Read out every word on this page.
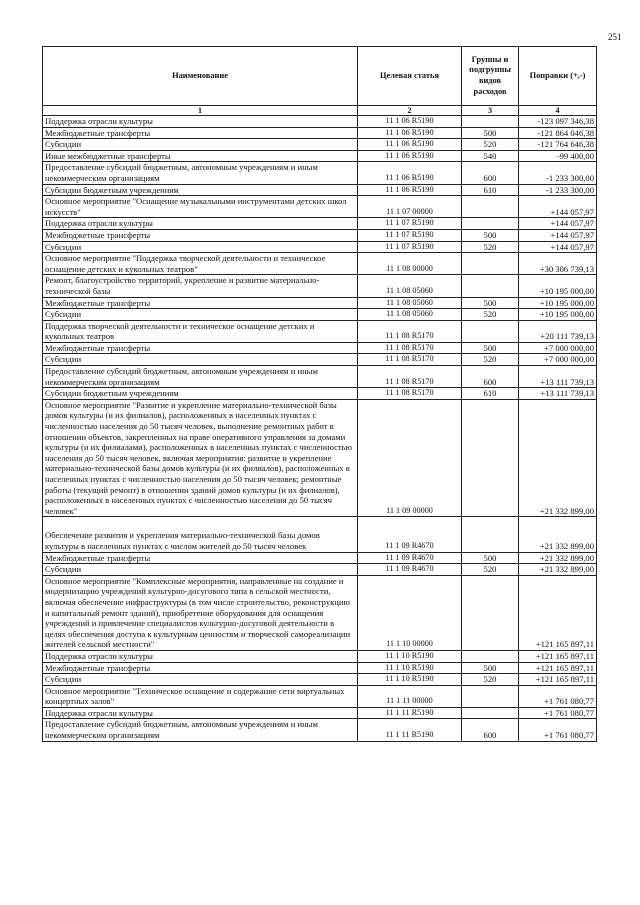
251
Наименование	Целевая статья	Группы и подгруппы видов расходов	Поправки (+,-)
1	2	3	4
Поддержка отрасли культуры	11 1 06 R5190		-123 097 346,38
Межбюджетные трансферты	11 1 06 R5190	500	-121 864 046,38
Субсидии	11 1 06 R5190	520	-121 764 646,38
Иные межбюджетные трансферты	11 1 06 R5190	540	-99 400,00
Предоставление субсидий бюджетным, автономным учреждениям и иным некоммерческим организациям	11 1 06 R5190	600	-1 233 300,00
Субсидии бюджетным учреждениям	11 1 06 R5190	610	-1 233 300,00
Основное мероприятие "Оснащение музыкальными инструментами детских школ искусств"	11 1 07 00000		+144 057,97
Поддержка отрасли культуры	11 1 07 R5190		+144 057,97
Межбюджетные трансферты	11 1 07 R5190	500	+144 057,97
Субсидии	11 1 07 R5190	520	+144 057,97
Основное мероприятие "Поддержка творческой деятельности и техническое оснащение детских и кукольных театров"	11 1 08 00000		+30 306 739,13
Ремонт, благоустройство территорий, укрепление и развитие материально-технической базы	11 1 08 05060		+10 195 000,00
Межбюджетные трансферты	11 1 08 05060	500	+10 195 000,00
Субсидии	11 1 08 05060	520	+10 195 000,00
Поддержка творческой деятельности и техническое оснащение детских и кукольных театров	11 1 08 R5170		+20 111 739,13
Межбюджетные трансферты	11 1 08 R5170	500	+7 000 000,00
Субсидии	11 1 08 R5170	520	+7 000 000,00
Предоставление субсидий бюджетным, автономным учреждениям и иным некоммерческим организациям	11 1 08 R5170	600	+13 111 739,13
Субсидии бюджетным учреждениям	11 1 08 R5170	610	+13 111 739,13
Основное мероприятие "Развитие и укрепление материально-технической базы домов культуры (и их филиалов), расположенных в населенных пунктах с численностью населения до 50 тысяч человек, выполнение ремонтных работ в отношении объектов, закрепленных на праве оперативного управления за домами культуры (и их филиалами), расположенных в населенных пунктах с численностью населения до 50 тысяч человек, включая мероприятия: развитие и укрепление материально-технической базы домов культуры (и их филиалов), расположенных в населенных пунктах с численностью населения до 50 тысяч человек; ремонтные работы (текущий ремонт) в отношении зданий домов культуры (и их филиалов), расположенных в населенных пунктах с численностью населения до 50 тысяч человек"	11 1 09 00000		+21 332 899,00
Обеспечение развития и укрепления материально-технической базы домов культуры в населенных пунктах с числом жителей до 50 тысяч человек	11 1 09 R4670		+21 332 899,00
Межбюджетные трансферты	11 1 09 R4670	500	+21 332 899,00
Субсидии	11 1 09 R4670	520	+21 332 899,00
Основное мероприятие "Комплексные мероприятия, направленные на создание и модернизацию учреждений культурно-досугового типа в сельской местности, включая обеспечение инфраструктуры (в том числе строительство, реконструкцию и капитальный ремонт зданий), приобретение оборудования для оснащения учреждений и привлечение специалистов культурно-досуговой деятельности в целях обеспечения доступа к культурным ценностям и творческой самореализации жителей сельской местности"	11 1 10 00000		+121 165 897,11
Поддержка отрасли культуры	11 1 10 R5190		+121 165 897,11
Межбюджетные трансферты	11 1 10 R5190	500	+121 165 897,11
Субсидии	11 1 10 R5190	520	+121 165 897,11
Основное мероприятие "Техническое оснащение и содержание сети виртуальных концертных залов"	11 1 11 00000		+1 761 080,77
Поддержка отрасли культуры	11 1 11 R5190		+1 761 080,77
Предоставление субсидий бюджетным, автономным учреждениям и иным некоммерческим организациям	11 1 11 R5190	600	+1 761 080,77
